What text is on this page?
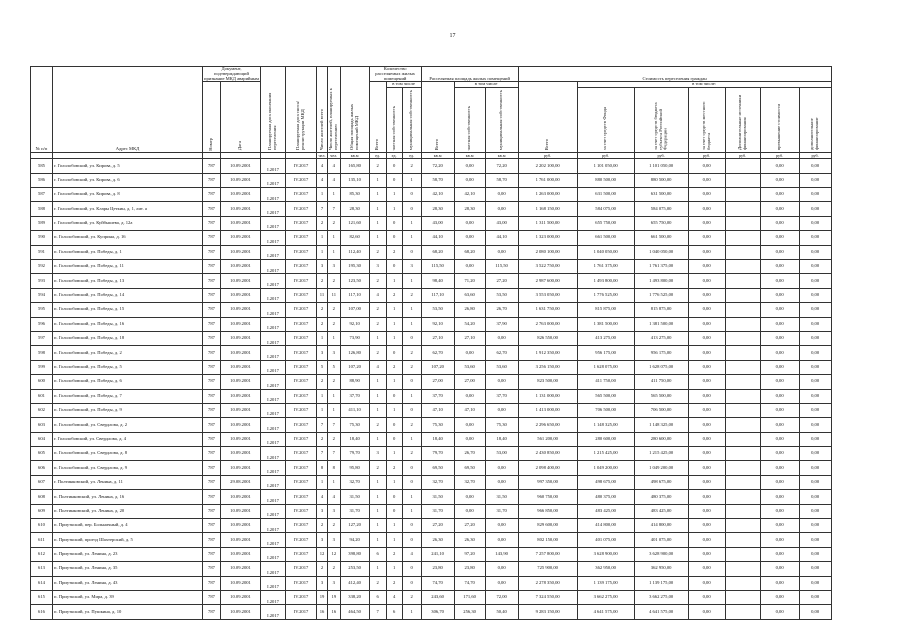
17
№ п/п	Адрес МКД	Документ, подтверждающий признание МКД аварийным		Планируемая дата окончания переселения	Планируемая дата сноса/ реконструкции МКД	Число жителей всего	Число жителей, планируемых к переселению	Общая площадь жилых помещений МКД	Количество расселяемых жилых помещений			Расселяемая площадь жилых помещений			Стоимость переселения граждан						
		Номер	Дата						Всего	в том числе		Всего	в том числе		Всего	в том числе:					
										частная собственность	муниципальная собственность		частная собственность	муниципальная собственность		за счет средств Фонда	за счет средств бюджета субъекта Российской Федерации	за счет средств местного бюджета	Дополнительные источники финансирования	превышение стоимости	дополнительное финансирование
						чел.	чел.	кв.м	ед.	ед.	ед.	кв.м	кв.м	кв.м	руб.	руб.	руб.	руб.	руб.	руб.	руб.
585	г. Гололобовский, ул. Кирова, д. 5	787	10.09.2001	I.2017	IV.2017	4	4	165,80	2	0	2	72,20	0,00	72,20	2 202 100,00	1 101 050,00	1 101 050,00	0,00		0,00	0,00
586	г. Гололобовский, ул. Кирова, д. 6	787	10.09.2001	I.2017	IV.2017	4	4	135,10	1	0	1	58,70	0,00	58,70	1 761 000,00	880 500,00	880 500,00	0,00		0,00	0,00
587	г. Гололобовский, ул. Кирова, д. 8	787	10.09.2001	I.2017	IV.2017	1	1	85,30	1	1	0	42,10	42,10	0,00	1 263 000,00	631 500,00	631 500,00	0,00		0,00	0,00
588	г. Гололобовский, ул. Клары Цеткин, д. 1, лит. а	787	10.09.2001	I.2017	IV.2017	7	7	28,30	1	1	0	28,30	28,30	0,00	1 168 150,00	584 075,00	584 075,00	0,00		0,00	0,00
589	г. Гололобовский, ул. Куйбышева, д. 12а	787	10.09.2001	I.2017	IV.2017	2	2	121,60	1	0	1	43,00	0,00	43,00	1 311 500,00	655 750,00	655 750,00	0,00		0,00	0,00
590	п. Гололобовский, ул. Куприна, д. 16	787	10.09.2001	I.2017	IV.2017	1	1	82,60	1	0	1	44,10	0,00	44,10	1 323 000,00	661 500,00	661 500,00	0,00		0,00	0,00
591	п. Гололобовский, ул. Победы, д. 1	787	10.09.2001	I.2017	IV.2017	1	1	112,40	2	2	0	68,20	68,20	0,00	2 080 100,00	1 040 050,00	1 040 050,00	0,00		0,00	0,00
592	п. Гололобовский, ул. Победы, д. 11	787	10.09.2001	I.2017	IV.2017	3	3	195,30	3	0	3	115,50	0,00	115,50	3 522 750,00	1 761 375,00	1 761 375,00	0,00		0,00	0,00
593	п. Гололобовский, ул. Победы, д. 13	787	10.09.2001	I.2017	IV.2017	2	2	123,50	2	1	1	98,40	71,20	27,20	2 987 600,00	1 493 800,00	1 493 800,00	0,00		0,00	0,00
594	п. Гололобовский, ул. Победы, д. 14	787	10.09.2001	I.2017	IV.2017	11	11	117,10	4	2	2	117,10	63,60	53,50	3 553 050,00	1 776 525,00	1 776 525,00	0,00		0,00	0,00
595	п. Гололобовский, ул. Победы, д. 15	787	10.09.2001	I.2017	IV.2017	2	2	107,00	2	1	1	53,50	26,80	26,70	1 631 750,00	815 875,00	815 875,00	0,00		0,00	0,00
596	п. Гололобовский, ул. Победы, д. 16	787	10.09.2001	I.2017	IV.2017	2	2	92,10	2	1	1	92,10	54,20	37,90	2 763 000,00	1 381 500,00	1 381 500,00	0,00		0,00	0,00
597	п. Гололобовский, ул. Победы, д. 18	787	10.09.2001	I.2017	IV.2017	1	1	73,90	1	1	0	27,10	27,10	0,00	826 550,00	413 275,00	413 275,00	0,00		0,00	0,00
598	п. Гололобовский, ул. Победы, д. 2	787	10.09.2001	I.2017	IV.2017	3	3	126,80	2	0	2	62,70	0,00	62,70	1 912 350,00	956 175,00	956 175,00	0,00		0,00	0,00
599	п. Гололобовский, ул. Победы, д. 5	787	10.09.2001	I.2017	IV.2017	5	5	107,20	4	2	2	107,20	53,60	53,60	3 256 150,00	1 628 075,00	1 628 075,00	0,00		0,00	0,00
600	п. Гололобовский, ул. Победы, д. 6	787	10.09.2001	I.2017	IV.2017	2	2	88,90	1	1	0	27,00	27,00	0,00	823 500,00	411 750,00	411 750,00	0,00		0,00	0,00
601	п. Гололобовский, ул. Победы, д. 7	787	10.09.2001	I.2017	IV.2017	1	1	37,70	1	0	1	37,70	0,00	37,70	1 131 000,00	565 500,00	565 500,00	0,00		0,00	0,00
602	п. Гололобовский, ул. Победы, д. 9	787	10.09.2001	I.2017	IV.2017	1	1	411,10	1	1	0	47,10	47,10	0,00	1 413 000,00	706 500,00	706 500,00	0,00		0,00	0,00
603	п. Гололобовский, ул. Свердлова, д. 2	787	10.09.2001	I.2017	IV.2017	7	7	75,30	2	0	2	75,30	0,00	75,30	2 296 650,00	1 148 325,00	1 148 325,00	0,00		0,00	0,00
604	г. Гололобовский, ул. Свердлова, д. 4	787	10.09.2001	I.2017	IV.2017	2	2	18,40	1	0	1	18,40	0,00	18,40	561 200,00	280 600,00	280 600,00	0,00		0,00	0,00
605	п. Гололобовский, ул. Свердлова, д. 8	787	10.09.2001	I.2017	IV.2017	7	7	79,70	3	1	2	79,70	26,70	53,00	2 430 850,00	1 215 425,00	1 215 425,00	0,00		0,00	0,00
606	п. Гололобовский, ул. Свердлова, д. 9	787	10.09.2001	I.2017	IV.2017	8	8	95,80	2	2	0	69,50	69,50	0,00	2 098 400,00	1 049 200,00	1 049 200,00	0,00		0,00	0,00
607	г. Полтинковский, ул. Ленина, д. 11	787	29.08.2001	I.2017	IV.2017	1	1	32,70	1	1	0	32,70	32,70	0,00	997 350,00	498 675,00	498 675,00	0,00		0,00	0,00
608	п. Полтинковский, ул. Ленина, д. 16	787	10.09.2001	I.2017	IV.2017	4	4	31,50	1	0	1	31,50	0,00	31,50	960 750,00	480 375,00	480 375,00	0,00		0,00	0,00
609	п. Полтинковский, ул. Ленина, д. 20	787	10.09.2001	I.2017	IV.2017	3	3	31,70	1	0	1	31,70	0,00	31,70	966 850,00	483 425,00	483 425,00	0,00		0,00	0,00
610	п. Приуткский, пер. Больничный, д. 4	787	10.09.2001	I.2017	IV.2017	2	2	127,20	1	1	0	27,20	27,20	0,00	829 600,00	414 800,00	414 800,00	0,00		0,00	0,00
611	п. Приуткский, проезд Шахтерский, д. 5	787	10.09.2001	I.2017	IV.2017	3	3	94,20	1	1	0	26,30	26,30	0,00	802 150,00	401 075,00	401 075,00	0,00		0,00	0,00
612	п. Приуткский, ул. Ленина, д. 23	787	10.09.2001	I.2017	IV.2017	12	12	398,80	6	2	4	241,10	97,20	143,90	7 257 800,00	3 628 900,00	3 628 900,00	0,00		0,00	0,00
613	п. Приуткский, ул. Ленина, д. 35	787	10.09.2001	I.2017	IV.2017	2	2	253,50	1	1	0	23,80	23,80	0,00	725 900,00	362 950,00	362 950,00	0,00		0,00	0,00
614	п. Приуткский, ул. Ленина, д. 43	787	10.09.2001	I.2017	IV.2017	3	3	412,40	2	2	0	74,70	74,70	0,00	2 278 350,00	1 139 175,00	1 139 175,00	0,00		0,00	0,00
615	п. Приуткский, ул. Мира, д. 39	787	10.09.2001	I.2017	IV.2017	19	19	338,20	6	4	2	243,60	171,60	72,00	7 324 550,00	3 662 275,00	3 662 275,00	0,00		0,00	0,00
616	п. Приуткский, ул. Пушкина, д. 10	787	10.09.2001	I.2017	IV.2017	16	16	464,50	7	6	1	306,70	256,30	50,40	9 283 150,00	4 641 575,00	4 641 575,00	0,00		0,00	0,00
